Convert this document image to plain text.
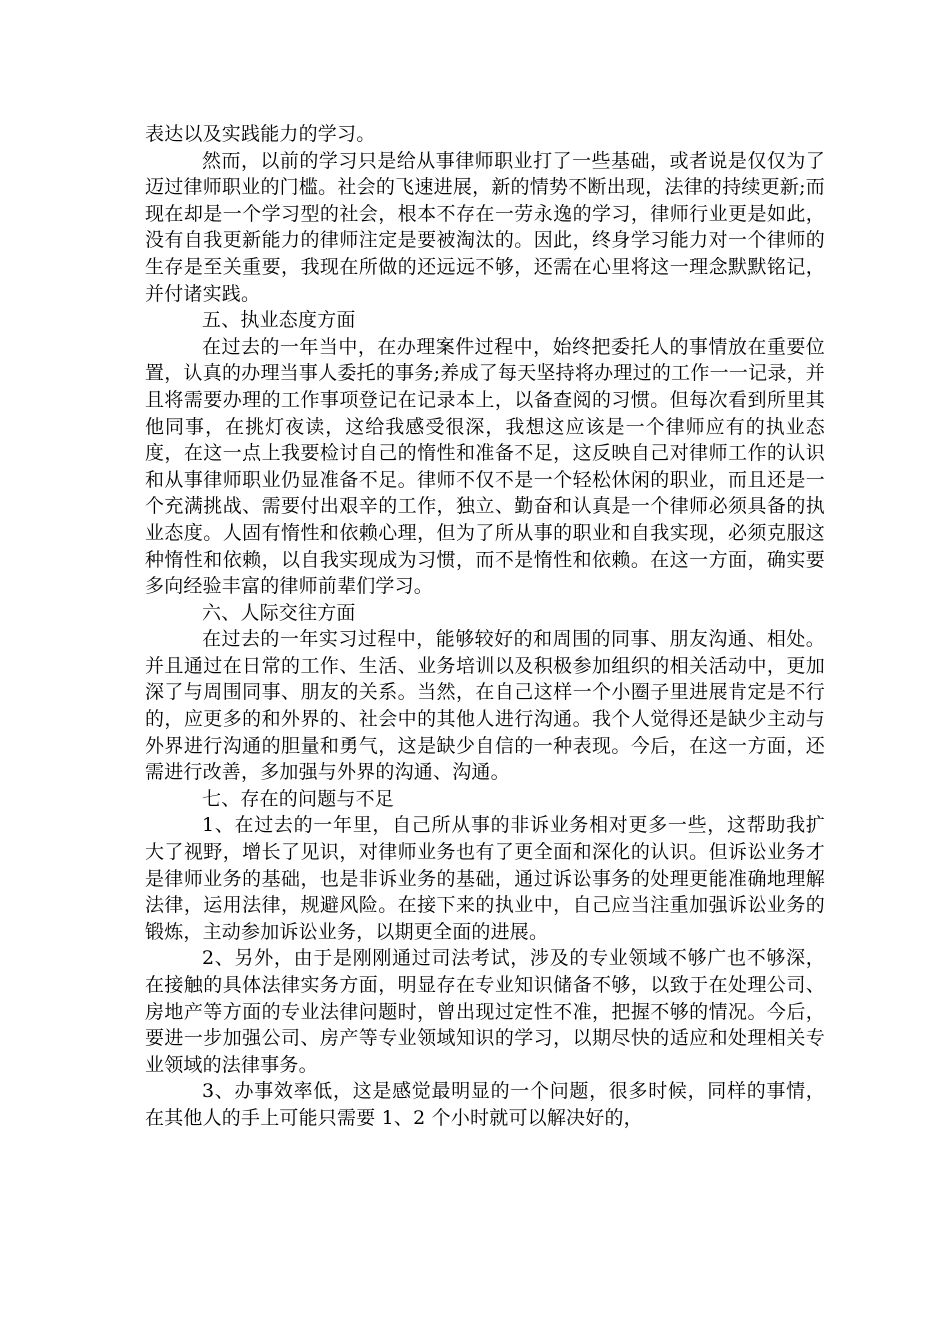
表达以及实践能力的学习。

然而，以前的学习只是给从事律师职业打了一些基础，或者说是仅仅为了迈过律师职业的门槛。社会的飞速进展，新的情势不断出现，法律的持续更新;而现在却是一个学习型的社会，根本不存在一劳永逸的学习，律师行业更是如此，没有自我更新能力的律师注定是要被淘汰的。因此，终身学习能力对一个律师的生存是至关重要，我现在所做的还远远不够，还需在心里将这一理念默默铭记，并付诸实践。

五、执业态度方面

在过去的一年当中，在办理案件过程中，始终把委托人的事情放在重要位置，认真的办理当事人委托的事务;养成了每天坚持将办理过的工作一一记录，并且将需要办理的工作事项登记在记录本上，以备查阅的习惯。但每次看到所里其他同事，在挑灯夜读，这给我感受很深，我想这应该是一个律师应有的执业态度，在这一点上我要检讨自己的惰性和准备不足，这反映自己对律师工作的认识和从事律师职业仍显准备不足。律师不仅不是一个轻松休闲的职业，而且还是一个充满挑战、需要付出艰辛的工作，独立、勤奋和认真是一个律师必须具备的执业态度。人固有惰性和依赖心理，但为了所从事的职业和自我实现，必须克服这种惰性和依赖，以自我实现成为习惯，而不是惰性和依赖。在这一方面，确实要多向经验丰富的律师前辈们学习。

六、人际交往方面

在过去的一年实习过程中，能够较好的和周围的同事、朋友沟通、相处。并且通过在日常的工作、生活、业务培训以及积极参加组织的相关活动中，更加深了与周围同事、朋友的关系。当然，在自己这样一个小圈子里进展肯定是不行的，应更多的和外界的、社会中的其他人进行沟通。我个人觉得还是缺少主动与外界进行沟通的胆量和勇气，这是缺少自信的一种表现。今后，在这一方面，还需进行改善，多加强与外界的沟通、沟通。

七、存在的问题与不足

1、在过去的一年里，自己所从事的非诉业务相对更多一些，这帮助我扩大了视野，增长了见识，对律师业务也有了更全面和深化的认识。但诉讼业务才是律师业务的基础，也是非诉业务的基础，通过诉讼事务的处理更能准确地理解法律，运用法律，规避风险。在接下来的执业中，自己应当注重加强诉讼业务的锻炼，主动参加诉讼业务，以期更全面的进展。

2、另外，由于是刚刚通过司法考试，涉及的专业领域不够广也不够深，在接触的具体法律实务方面，明显存在专业知识储备不够，以致于在处理公司、房地产等方面的专业法律问题时，曾出现过定性不准，把握不够的情况。今后，要进一步加强公司、房产等专业领域知识的学习，以期尽快的适应和处理相关专业领域的法律事务。

3、办事效率低，这是感觉最明显的一个问题，很多时候，同样的事情，在其他人的手上可能只需要 1、2 个小时就可以解决好的，
